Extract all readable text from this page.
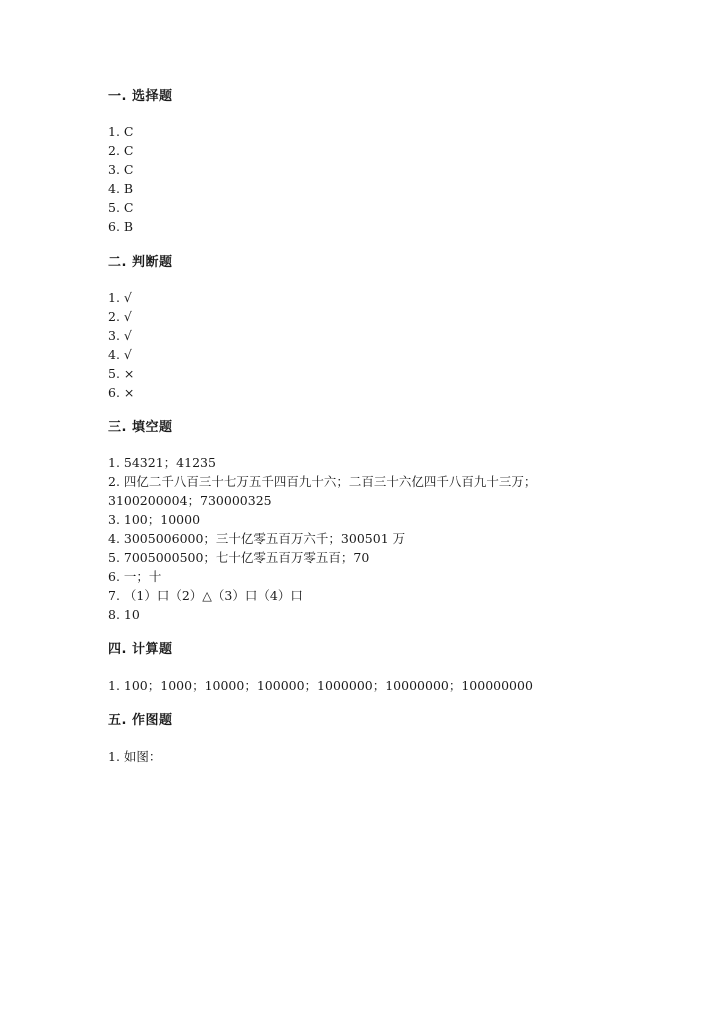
一. 选择题
1. C
2. C
3. C
4. B
5. C
6. B
二. 判断题
1. √
2. √
3. √
4. √
5. ×
6. ×
三. 填空题
1. 54321；41235
2. 四亿二千八百三十七万五千四百九十六；二百三十六亿四千八百九十三万；
3100200004；730000325
3. 100；10000
4. 3005006000；三十亿零五百万六千；300501 万
5. 7005000500；七十亿零五百万零五百；70
6. 一；十
7. （1）口（2）△（3）口（4）口
8. 10
四. 计算题
1. 100；1000；10000；100000；1000000；10000000；100000000
五. 作图题
1. 如图：
